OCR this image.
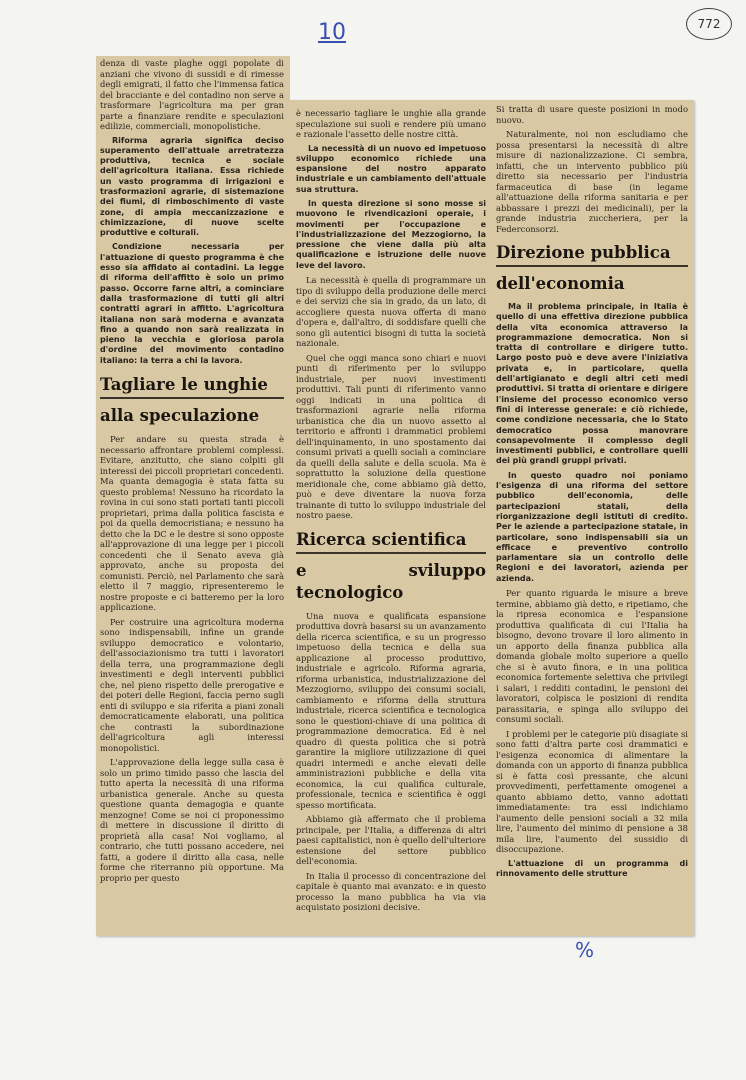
10	772

denza di vaste plaghe oggi popolate di anziani che vivono di sussidi e di rimesse degli emigrati, il fatto che l'immensa fatica del bracciante e del contadino non serve a trasformare l'agricoltura ma per gran parte a finanziare rendite e speculazioni edilizie, commerciali, monopolistiche.

Riforma agraria significa deciso superamento dell'attuale arretratezza produttiva, tecnica e sociale dell'agricoltura italiana. Essa richiede un vasto programma di irrigazioni e trasformazioni agrarie, di sistemazione dei fiumi, di rimboschimento di vaste zone, di ampia meccanizzazione e chimizzazione, di nuove scelte produttive e colturali.

Condizione necessaria per l'attuazione di questo programma è che esso sia affidato ai contadini. La legge di riforma dell'affitto è solo un primo passo. Occorre farne altri, a cominciare dalla trasformazione di tutti gli altri contratti agrari in affitto. L'agricoltura italiana non sarà moderna e avanzata fino a quando non sarà realizzata in pieno la vecchia e gloriosa parola d'ordine del movimento contadino italiano: la terra a chi la lavora.

Tagliare le unghie
alla speculazione

Per andare su questa strada è necessario affrontare problemi complessi. Evitare, anzitutto, che siano colpiti gli interessi dei piccoli proprietari concedenti. Ma quanta demagogia è stata fatta su questo problema! Nessuno ha ricordato la rovina in cui sono stati portati tanti piccoli proprietari, prima dalla politica fascista e poi da quella democristiana; e nessuno ha detto che la DC e le destre si sono opposte all'approvazione di una legge per i piccoli concedenti che il Senato aveva già approvato, anche su proposta dei comunisti. Perciò, nel Parlamento che sarà eletto il 7 maggio, ripresenteremo le nostre proposte e ci batteremo per la loro applicazione.

Per costruire una agricoltura moderna sono indispensabili, infine un grande sviluppo democratico e volontario, dell'associazionismo tra tutti i lavoratori della terra, una programmazione degli investimenti e degli interventi pubblici che, nel pieno rispetto delle prerogative e dei poteri delle Regioni, faccia perno sugli enti di sviluppo e sia riferita a piani zonali democraticamente elaborati, una politica che contrasti la subordinazione dell'agricoltura agli interessi monopolistici.

L'approvazione della legge sulla casa è solo un primo timido passo che lascia del tutto aperta la necessità di una riforma urbanistica generale. Anche su questa questione quanta demagogia e quante menzogne! Come se noi ci proponessimo di mettere in discussione il diritto di proprietà alla casa! Noi vogliamo, al contrario, che tutti possano accedere, nei fatti, a godere il diritto alla casa, nelle forme che riterranno più opportune. Ma proprio per questo

è necessario tagliare le unghie alla grande speculazione sui suoli e rendere più umano e razionale l'assetto delle nostre città.

La necessità di un nuovo ed impetuoso sviluppo economico richiede una espansione del nostro apparato industriale e un cambiamento dell'attuale sua struttura.

In questa direzione si sono mosse si muovono le rivendicazioni operaie, i movimenti per l'occupazione e l'industrializzazione del Mezzogiorno, la pressione che viene dalla più alta qualificazione e istruzione delle nuove leve del lavoro.

La necessità è quella di programmare un tipo di sviluppo della produzione delle merci e dei servizi che sia in grado, da un lato, di accogliere questa nuova offerta di mano d'opera e, dall'altro, di soddisfare quelli che sono gli autentici bisogni di tutta la società nazionale.

Quel che oggi manca sono chiari e nuovi punti di riferimento per lo sviluppo industriale, per nuovi investimenti produttivi. Tali punti di riferimento vanno oggi indicati in una politica di trasformazioni agrarie nella riforma urbanistica che dia un nuovo assetto al territorio e affronti i drammatici problemi dell'inquinamento, in uno spostamento dai consumi privati a quelli sociali a cominciare da quelli della salute e della scuola. Ma è soprattutto la soluzione della questione meridionale che, come abbiamo già detto, può e deve diventare la nuova forza trainante di tutto lo sviluppo industriale del nostro paese.

Ricerca scientifica
e sviluppo tecnologico

Una nuova e qualificata espansione produttiva dovrà basarsi su un avanzamento della ricerca scientifica, e su un progresso impetuoso della tecnica e della sua applicazione al processo produttivo, industriale e agricolo. Riforma agraria, riforma urbanistica, industrializzazione del Mezzogiorno, sviluppo dei consumi sociali, cambiamento e riforma della struttura industriale, ricerca scientifica e tecnologica sono le questioni-chiave di una politica di programmazione democratica. Ed è nel quadro di questa politica che si potrà garantire la migliore utilizzazione di quei quadri intermedi e anche elevati delle amministrazioni pubbliche e della vita economica, la cui qualifica culturale, professionale, tecnica e scientifica è oggi spesso mortificata.

Abbiamo già affermato che il problema principale, per l'Italia, a differenza di altri paesi capitalistici, non è quello dell'ulteriore estensione del settore pubblico dell'economia.

In Italia il processo di concentrazione del capitale è quanto mai avanzato: e in questo processo la mano pubblica ha via via acquistato posizioni decisive.

Si tratta di usare queste posizioni in modo nuovo.

Naturalmente, noi non escludiamo che possa presentarsi la necessità di altre misure di nazionalizzazione. Ci sembra, infatti, che un intervento pubblico più diretto sia necessario per l'industria farmaceutica di base (in legame all'attuazione della riforma sanitaria e per abbassare i prezzi dei medicinali), per la grande industria zuccheriera, per la Federconsorzi.

Direzione pubblica
dell'economia

Ma il problema principale, in Italia è quello di una effettiva direzione pubblica della vita economica attraverso la programmazione democratica. Non si tratta di controllare e dirigere tutto. Largo posto può e deve avere l'iniziativa privata e, in particolare, quella dell'artigianato e degli altri ceti medi produttivi. Si tratta di orientare e dirigere l'insieme del processo economico verso fini di interesse generale: e ciò richiede, come condizione necessaria, che lo Stato democratico possa manovrare consapevolmente il complesso degli investimenti pubblici, e controllare quelli dei più grandi gruppi privati.

In questo quadro noi poniamo l'esigenza di una riforma del settore pubblico dell'economia, delle partecipazioni statali, della riorganizzazione degli istituti di credito. Per le aziende a partecipazione statale, in particolare, sono indispensabili sia un efficace e preventivo controllo parlamentare sia un controllo delle Regioni e dei lavoratori, azienda per azienda.

Per quanto riguarda le misure a breve termine, abbiamo già detto, e ripetiamo, che la ripresa economica e l'espansione produttiva qualificata di cui l'Italia ha bisogno, devono trovare il loro alimento in un apporto della finanza pubblica alla domanda globale molto superiore a quello che si è avuto finora, e in una politica economica fortemente selettiva che privilegi i salari, i redditi contadini, le pensioni dei lavoratori, colpisca le posizioni di rendita parassitaria, e spinga allo sviluppo dei consumi sociali.

I problemi per le categorie più disagiate si sono fatti d'altra parte così drammatici e l'esigenza economica di alimentare la domanda con un apporto di finanza pubblica si è fatta così pressante, che alcuni provvedimenti, perfettamente omogenei a quanto abbiamo detto, vanno adottati immediatamente: tra essi indichiamo l'aumento delle pensioni sociali a 32 mila lire, l'aumento del minimo di pensione a 38 mila lire, l'aumento del sussidio di disoccupazione.

L'attuazione di un programma di rinnovamento delle strutture

%
